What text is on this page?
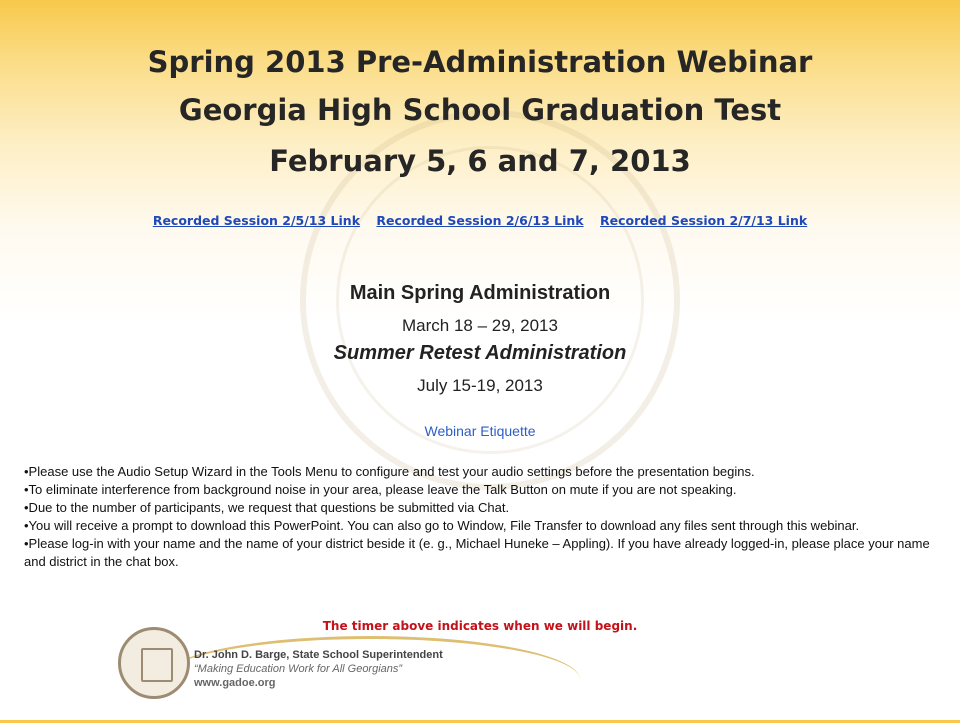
Spring 2013 Pre-Administration Webinar
Georgia High School Graduation Test
February 5, 6 and 7, 2013
Recorded Session 2/5/13 Link Recorded Session 2/6/13 Link Recorded Session 2/7/13 Link
Main Spring Administration
March 18 – 29, 2013
Summer Retest Administration
July 15-19, 2013
Webinar Etiquette
•Please use the Audio Setup Wizard in the Tools Menu to configure and test your audio settings before the presentation begins.
•To eliminate interference from background noise in your area, please leave the Talk Button on mute if you are not speaking.
•Due to the number of participants, we request that questions be submitted via Chat.
•You will receive a prompt to download this PowerPoint. You can also go to Window, File Transfer to download any files sent through this webinar.
•Please log-in with your name and the name of your district beside it (e. g., Michael Huneke – Appling). If you have already logged-in, please place your name and district in the chat box.
The timer above indicates when we will begin.
Dr. John D. Barge, State School Superintendent
“Making Education Work for All Georgians”
www.gadoe.org
